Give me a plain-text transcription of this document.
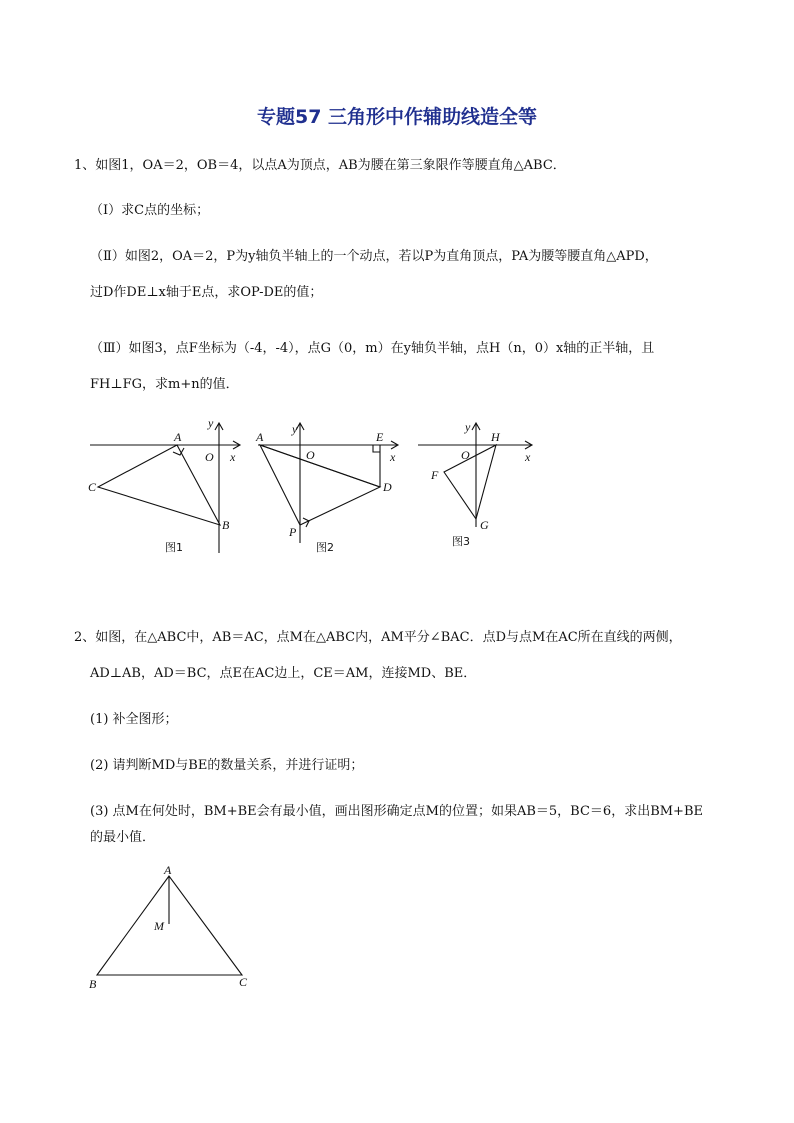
专题57 三角形中作辅助线造全等
1、如图1，OA＝2，OB＝4，以点A为顶点，AB为腰在第三象限作等腰直角△ABC．
（Ⅰ）求C点的坐标；
（Ⅱ）如图2，OA＝2，P为y轴负半轴上的一个动点，若以P为直角顶点，PA为腰等腰直角△APD，
过D作DE⊥x轴于E点，求OP-DE的值；
（Ⅲ）如图3，点F坐标为（-4，-4），点G（0，m）在y轴负半轴，点H（n，0）x轴的正半轴，且
FH⊥FG，求m+n的值．
A
y
O x
C
B
图1
A
y
O
E
x
D
P
图2
y
O
H
x
F
G
图3
2、如图，在△ABC中，AB＝AC，点M在△ABC内，AM平分∠BAC．点D与点M在AC所在直线的两侧，
AD⊥AB，AD＝BC，点E在AC边上，CE＝AM，连接MD、BE．
(1) 补全图形；
(2) 请判断MD与BE的数量关系，并进行证明；
(3) 点M在何处时，BM+BE会有最小值，画出图形确定点M的位置；如果AB＝5，BC＝6，求出BM+BE
的最小值．
A
M
B	C
